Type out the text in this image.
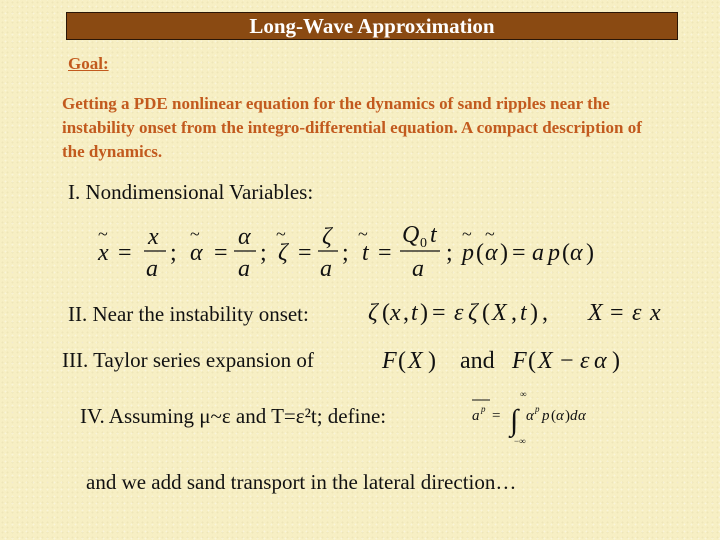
Long-Wave Approximation
Goal:
Getting a PDE nonlinear equation for the dynamics of sand ripples near the instability onset from the integro-differential equation. A compact description of the dynamics.
I. Nondimensional Variables:
x
~
=
x
a
; α
~
=
α
a
; ζ
~
=
ζ
a
; t
~
=
Q 0 t
a
; p
~
( α
~
) = a p ( α )
II. Near the instability onset: ζ ( x , t ) = ε ζ ( X , t ) , X = ε x
III. Taylor series expansion of	F ( X ) and F ( X − ε α )
IV. Assuming μ~ε and T=ε²t; define:	a p =
∞
∫
−∞
α p p ( α ) d α
and we add sand transport in the lateral direction…
